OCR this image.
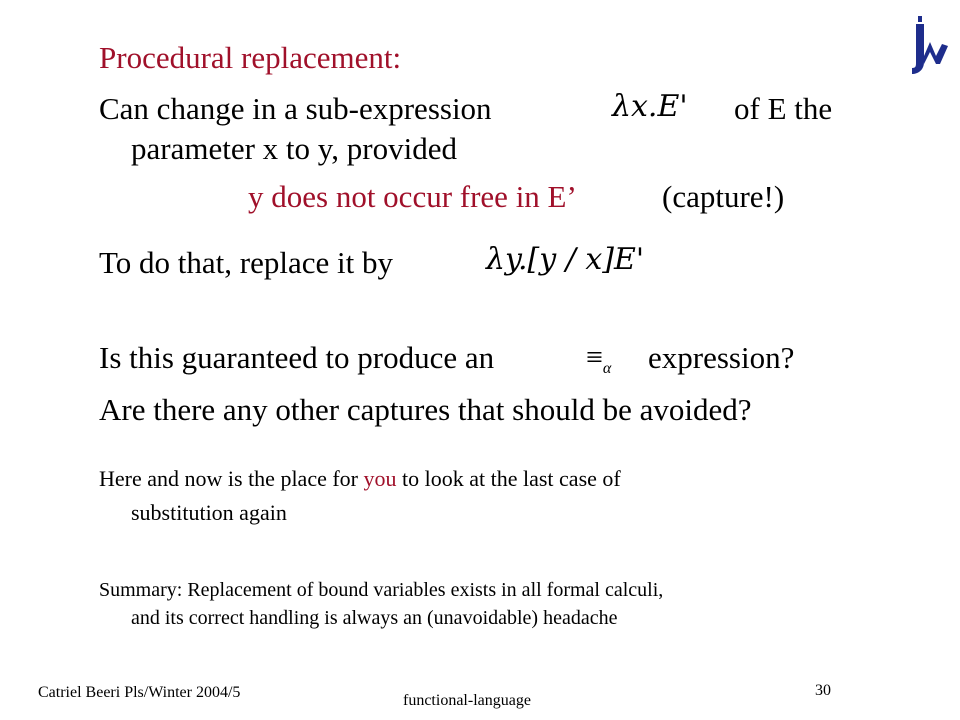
Procedural replacement:
Can change in a sub-expression	λx.E' of E the
parameter x to y, provided
y does not occur free in E’	(capture!)
To do that, replace it by	λy.[y / x]E'
Is this guaranteed to produce an	$\equiv_\alpha$ expression?
Are there any other captures that should be avoided?
Here and now is the place for you to look at the last case of
substitution again
Summary: Replacement of bound variables exists in all formal calculi,
and its correct handling is always an (unavoidable) headache
Catriel Beeri Pls/Winter 2004/5	functional-language
30
